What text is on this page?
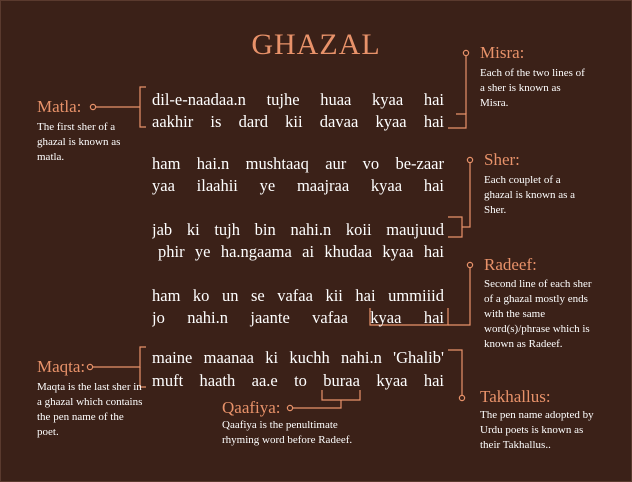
GHAZAL
dil-e-naadaa.n tujhe huaa kyaa hai
aakhir is dard kii davaa kyaa hai
ham hai.n mushtaaq aur vo be-zaar
yaa ilaahii ye maajraa kyaa hai
jab ki tujh bin nahi.n koii maujuud
phir ye ha.ngaama ai khudaa kyaa hai
ham ko un se vafaa kii hai ummiiid
jo nahi.n jaante vafaa kyaa hai
maine maanaa ki kuchh nahi.n 'Ghalib'
muft haath aa.e to buraa kyaa hai
Matla:
The first sher of a ghazal is known as matla.
Misra:
Each of the two lines of a sher is known as Misra.
Sher:
Each couplet of a ghazal is known as a Sher.
Radeef:
Second line of each sher of a ghazal mostly ends with the same word(s)/phrase which is known as Radeef.
Maqta:
Maqta is the last sher in a ghazal which contains the pen name of the poet.
Qaafiya:
Qaafiya is the penultimate rhyming word before Radeef.
Takhallus:
The pen name adopted by Urdu poets is known as their Takhallus..
